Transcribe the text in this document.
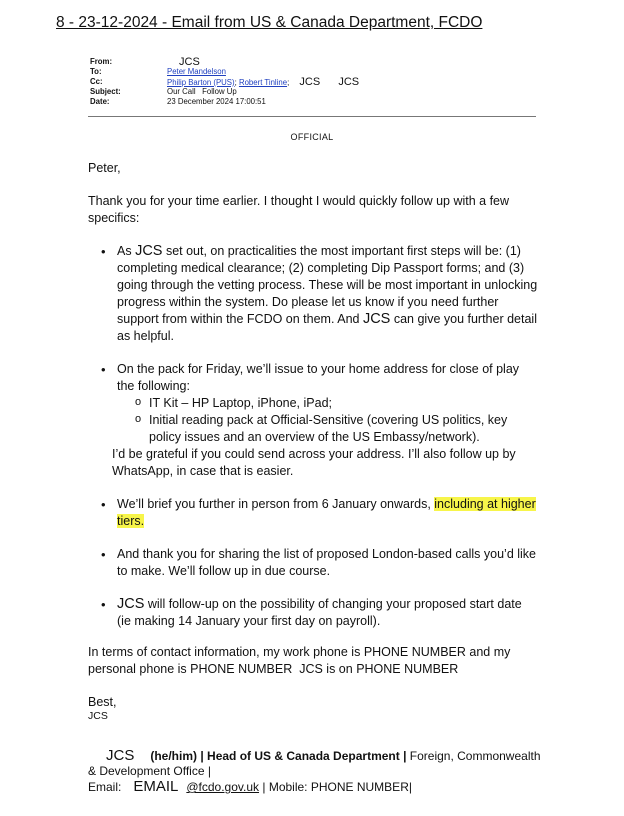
8 - 23-12-2024 - Email from US & Canada Department, FCDO
From:	JCS
To:	Peter Mandelson
Cc:	Philip Barton (PUS); Robert Tinline; JCS JCS
Subject:	Our Call   Follow Up
Date:	23 December 2024 17:00:51
OFFICIAL

Peter,

Thank you for your time earlier. I thought I would quickly follow up with a few specifics:

• As JCS set out, on practicalities the most important first steps will be: (1) completing medical clearance; (2) completing Dip Passport forms; and (3) going through the vetting process. These will be most important in unlocking progress within the system. Do please let us know if you need further support from within the FCDO on them. And JCS can give you further detail as helpful.
• On the pack for Friday, we’ll issue to your home address for close of play the following:
o IT Kit – HP Laptop, iPhone, iPad;
o Initial reading pack at Official-Sensitive (covering US politics, key policy issues and an overview of the US Embassy/network).
I’d be grateful if you could send across your address. I’ll also follow up by WhatsApp, in case that is easier.
• We’ll brief you further in person from 6 January onwards, including at higher tiers.
• And thank you for sharing the list of proposed London-based calls you’d like to make. We’ll follow up in due course.
• JCS will follow-up on the possibility of changing your proposed start date (ie making 14 January your first day on payroll).

In terms of contact information, my work phone is PHONE NUMBER and my personal phone is PHONE NUMBER JCS is on PHONE NUMBER

Best,

JCS

JCS (he/him) | Head of US & Canada Department | Foreign, Commonwealth & Development Office |
Email: EMAIL @fcdo.gov.uk | Mobile: PHONE NUMBER|
